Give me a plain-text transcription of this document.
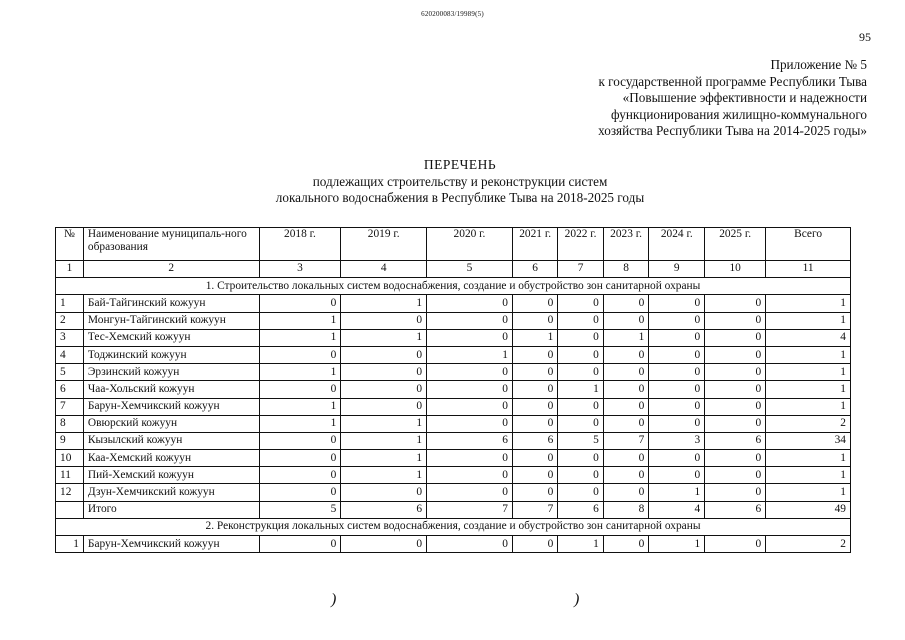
620200083/19989(5)
95
Приложение № 5
к государственной программе Республики Тыва
«Повышение эффективности и надежности
функционирования жилищно-коммунального
хозяйства Республики Тыва на 2014-2025 годы»
ПЕРЕЧЕНЬ
подлежащих строительству и реконструкции систем
локального водоснабжения в Республике Тыва на 2018-2025 годы
№	Наименование муниципаль-ного образования	2018 г.	2019 г.	2020 г.	2021 г.	2022 г.	2023 г.	2024 г.	2025 г.	Всего
1	2	3	4	5	6	7	8	9	10	11
1. Строительство локальных систем водоснабжения, создание и обустройство зон санитарной охраны										
1	Бай-Тайгинский кожуун	0	1	0	0	0	0	0	0	1
2	Монгун-Тайгинский кожуун	1	0	0	0	0	0	0	0	1
3	Тес-Хемский кожуун	1	1	0	1	0	1	0	0	4
4	Тоджинский кожуун	0	0	1	0	0	0	0	0	1
5	Эрзинский кожуун	1	0	0	0	0	0	0	0	1
6	Чаа-Хольский кожуун	0	0	0	0	1	0	0	0	1
7	Барун-Хемчикский кожуун	1	0	0	0	0	0	0	0	1
8	Овюрский кожуун	1	1	0	0	0	0	0	0	2
9	Кызылский кожуун	0	1	6	6	5	7	3	6	34
10	Каа-Хемский кожуун	0	1	0	0	0	0	0	0	1
11	Пий-Хемский кожуун	0	1	0	0	0	0	0	0	1
12	Дзун-Хемчикский кожуун	0	0	0	0	0	0	1	0	1
	Итого	5	6	7	7	6	8	4	6	49
2. Реконструкция локальных систем водоснабжения, создание и обустройство зон санитарной охраны										
1	Барун-Хемчикский кожуун	0	0	0	0	1	0	1	0	2
)	)
